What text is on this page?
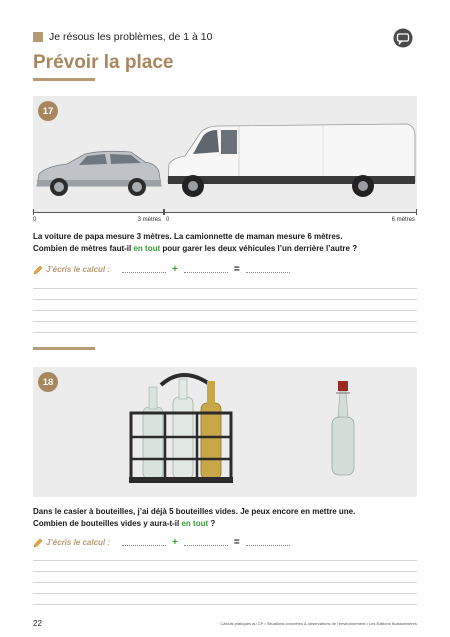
Je résous les problèmes, de 1 à 10
Prévoir la place
17
0	3 mètres 0	6 mètres
La voiture de papa mesure 3 mètres. La camionnette de maman mesure 6 mètres.
Combien de mètres faut-il en tout pour garer les deux véhicules l’un derrière l’autre ?
J’écris le calcul :	+	=
18
Dans le casier à bouteilles, j’ai déjà 5 bouteilles vides. Je peux encore en mettre une.
Combien de bouteilles vides y aura-t-il en tout ?
J’écris le calcul :	+	=
22	Calculs pratiques au CP • Situations concrètes & observations de l’environnement • Les Éditions Buissonnières
